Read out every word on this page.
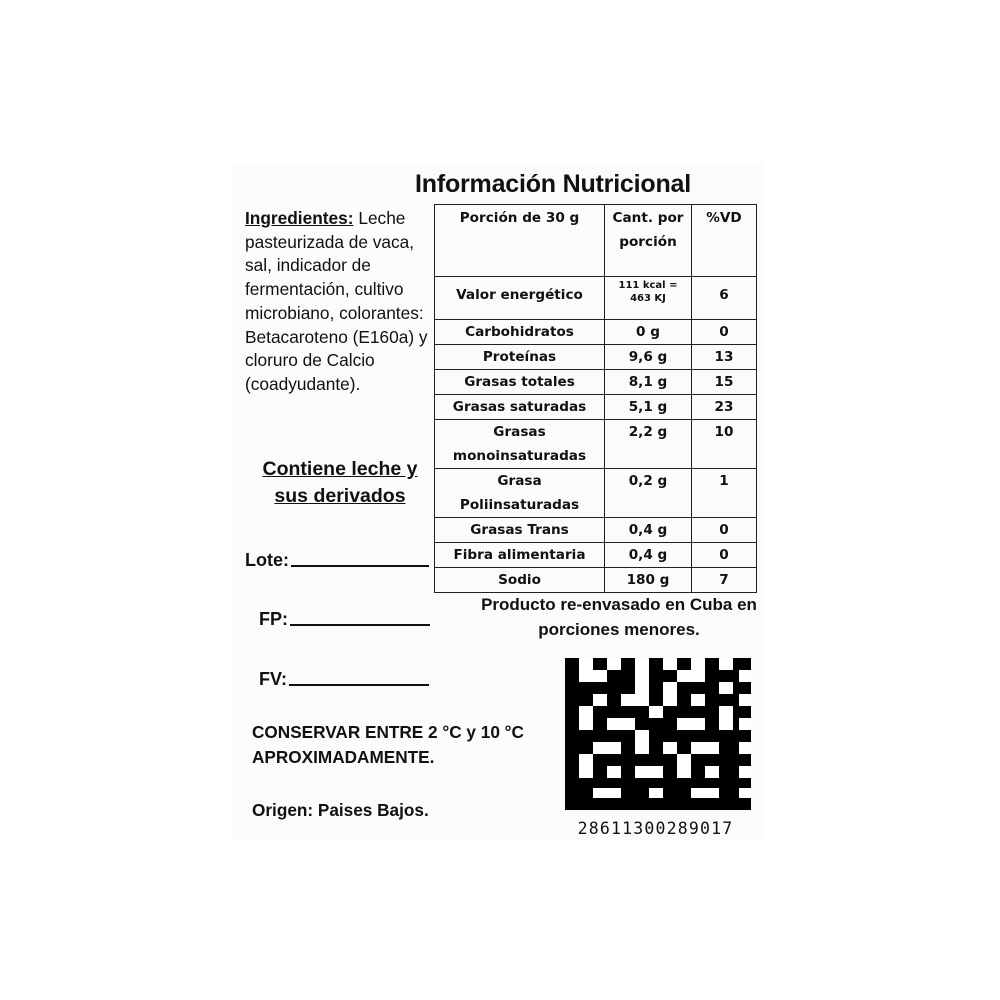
Información Nutricional
Ingredientes: Leche pasteurizada de vaca, sal, indicador de fermentación, cultivo microbiano, colorantes: Betacaroteno (E160a) y cloruro de Calcio (coadyudante).
Contiene leche y sus derivados
Porción de 30 g	Cant. por porción	%VD
Valor energético	111 kcal = 463 KJ	6
Carbohidratos	0 g	0
Proteínas	9,6 g	13
Grasas totales	8,1 g	15
Grasas saturadas	5,1 g	23
Grasas monoinsaturadas	2,2 g	10
Grasa Poliinsaturadas	0,2 g	1
Grasas Trans	0,4 g	0
Fibra alimentaria	0,4 g	0
Sodio	180 g	7
Lote:
FP:
FV:
Producto re-envasado en Cuba en porciones menores.
CONSERVAR ENTRE 2 °C y 10 °C APROXIMADAMENTE.
Origen: Paises Bajos.
28611300289017
